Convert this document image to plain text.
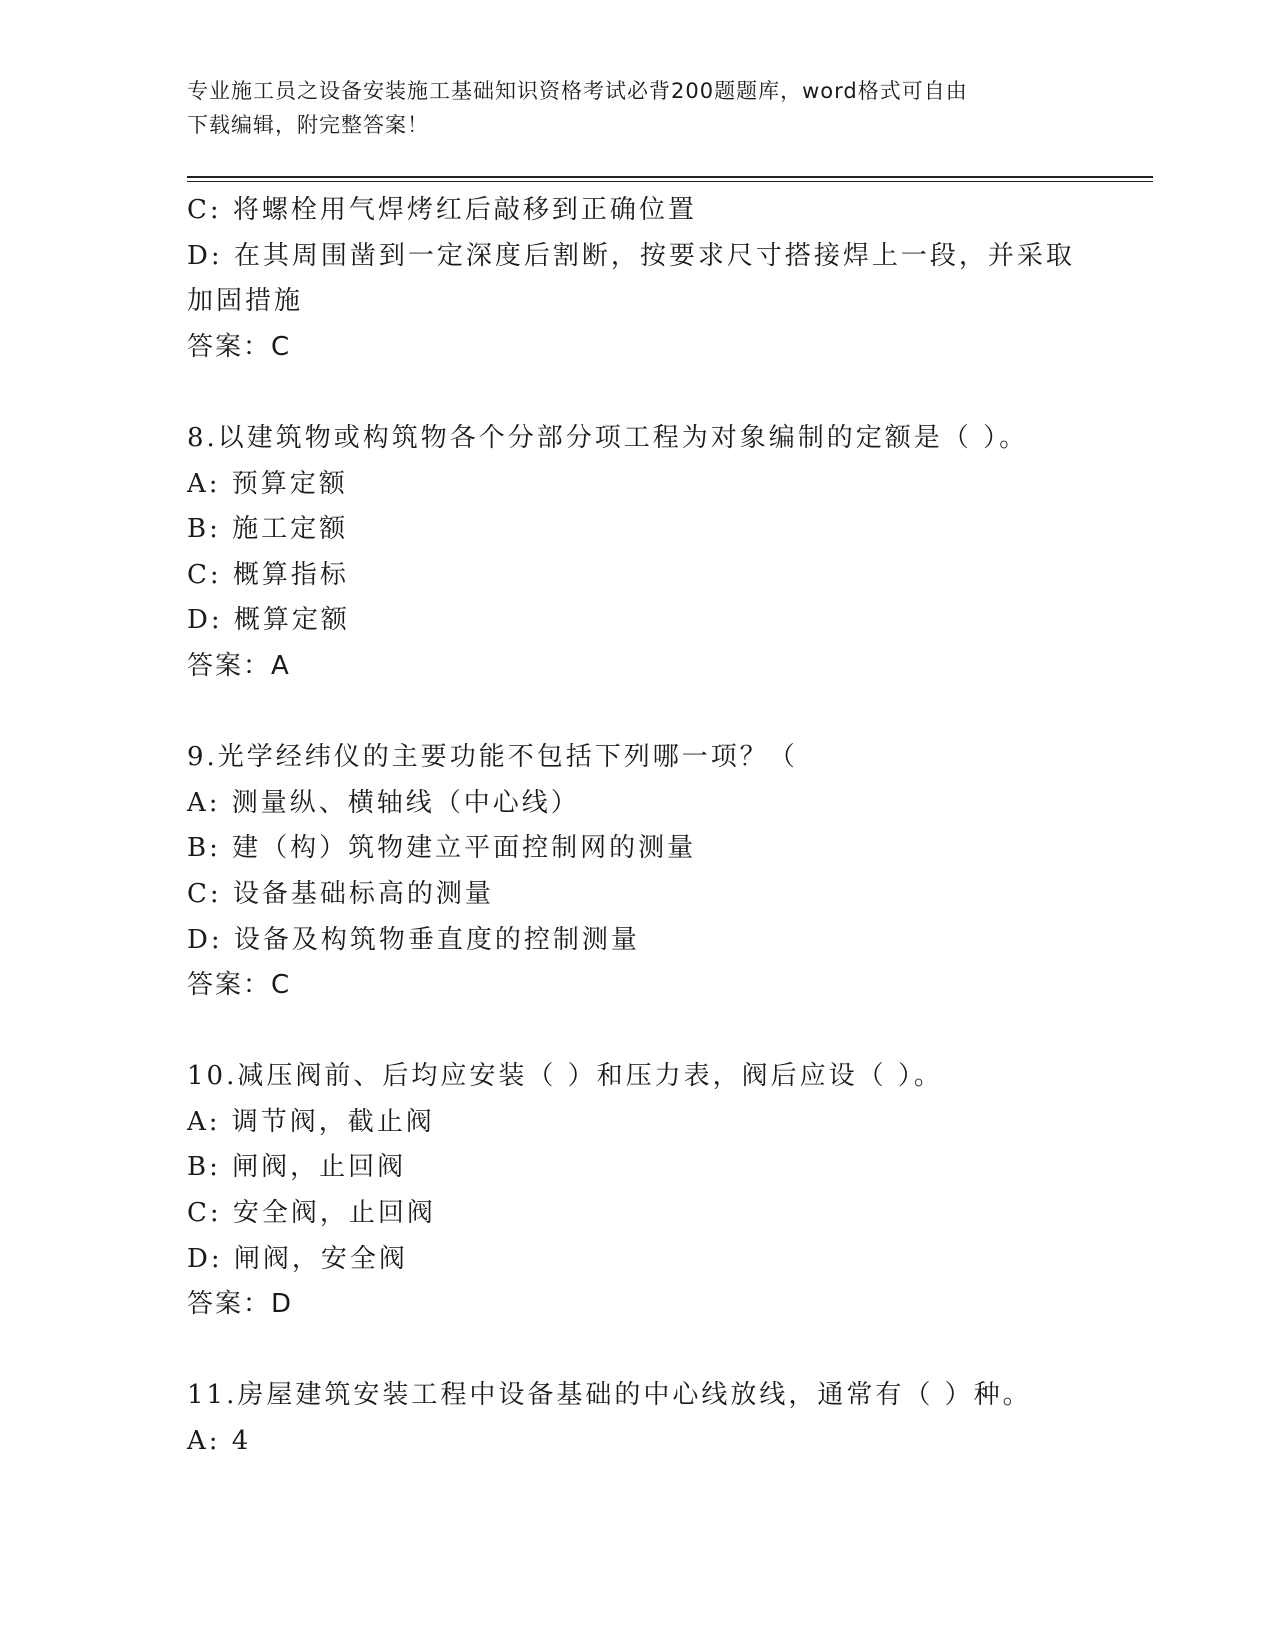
专业施工员之设备安装施工基础知识资格考试必背200题题库，word格式可自由
下载编辑，附完整答案！
C: 将螺栓用气焊烤红后敲移到正确位置
D: 在其周围凿到一定深度后割断，按要求尺寸搭接焊上一段，并采取
加固措施
答案：C
8.以建筑物或构筑物各个分部分项工程为对象编制的定额是（ ）。
A: 预算定额
B: 施工定额
C: 概算指标
D: 概算定额
答案：A
9.光学经纬仪的主要功能不包括下列哪一项？（
A: 测量纵、横轴线（中心线）
B: 建（构）筑物建立平面控制网的测量
C: 设备基础标高的测量
D: 设备及构筑物垂直度的控制测量
答案：C
10.减压阀前、后均应安装（ ）和压力表，阀后应设（ ）。
A: 调节阀，截止阀
B: 闸阀，止回阀
C: 安全阀，止回阀
D: 闸阀，安全阀
答案：D
11.房屋建筑安装工程中设备基础的中心线放线，通常有（ ）种。
A: 4
